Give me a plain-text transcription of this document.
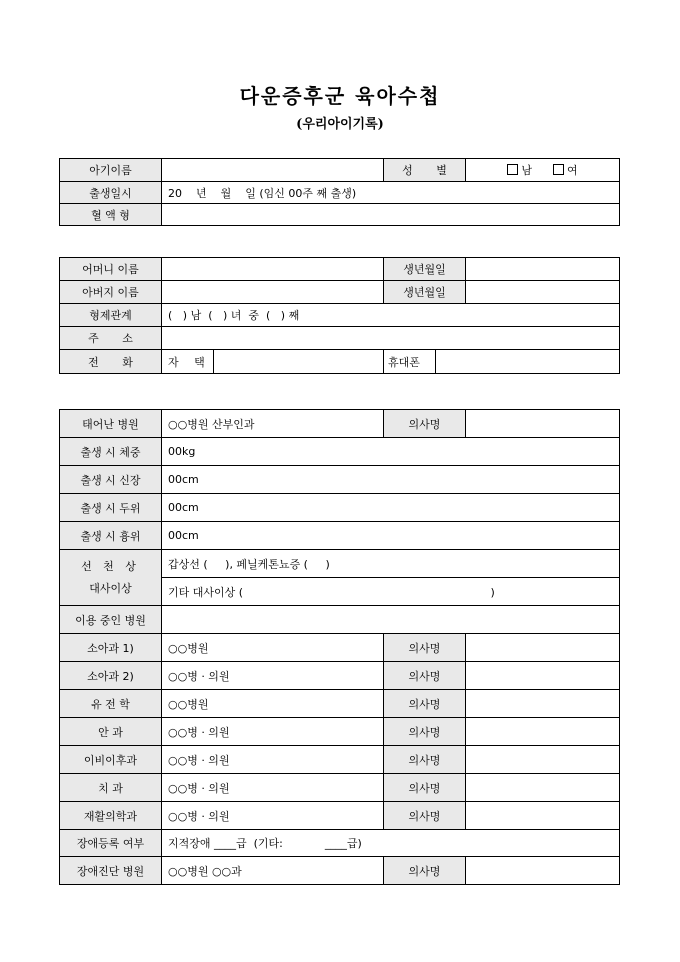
다운증후군 육아수첩
(우리아이기록)
아기이름		성 별	남 여
출생일시	20    년    월    일 (임신 00주 째 출생)		
혈 액 형			
어머니 이름			생년월일		
아버지 이름			생년월일		
형제관계	(   ) 남  (   ) 녀  중  (   ) 째				
주 소					
전 화	자 택		휴대폰		
태어난 병원	○○병원 산부인과	의사명	
출생 시 체중	00kg		
출생 시 신장	00cm		
출생 시 두위	00cm		
출생 시 흉위	00cm		

선 천 상
대사이상	갑상선 (     ), 페닐케톤뇨증 (     )		
	기타 대사이상 ( )		
이용 중인 병원			
소아과 1)	○○병원	의사명	
소아과 2)	○○병 · 의원	의사명	
유 전 학	○○병원	의사명	
안 과	○○병 · 의원	의사명	
이비이후과	○○병 · 의원	의사명	
치 과	○○병 · 의원	의사명	
재활의학과	○○병 · 의원	의사명	
장애등록 여부	지적장애 ____급  (기타:            ____급)		
장애진단 병원	○○병원 ○○과	의사명	
